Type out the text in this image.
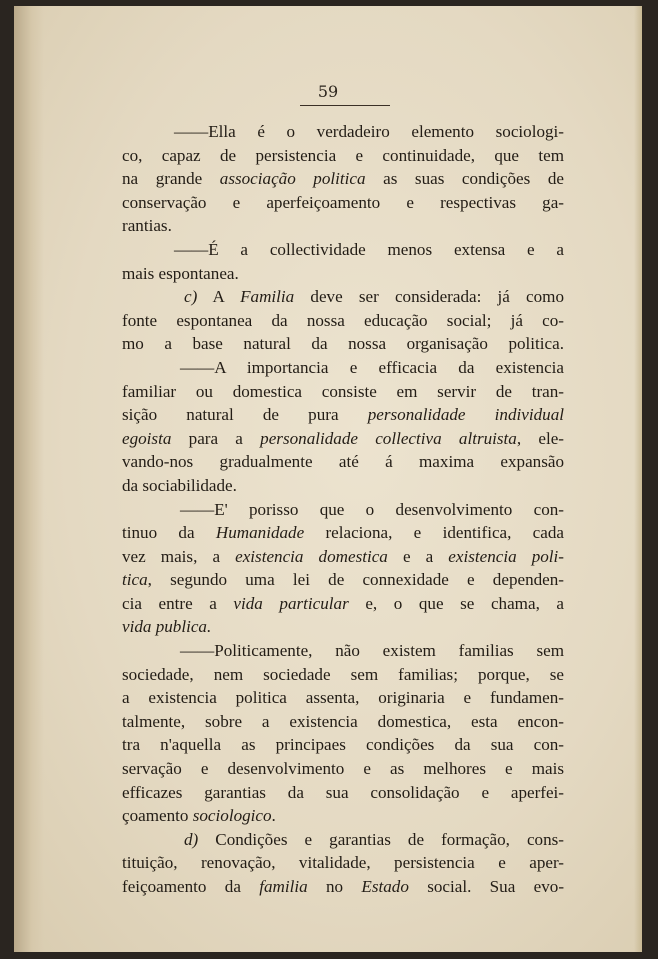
59
——Ella é o verdadeiro elemento sociologi-
co, capaz de persistencia e continuidade, que tem
na grande associação politica as suas condições de
conservação e aperfeiçoamento e respectivas ga-
rantias.
——É a collectividade menos extensa e a
mais espontanea.
c) A Familia deve ser considerada: já como
fonte espontanea da nossa educação social; já co-
mo a base natural da nossa organisação politica.
——A importancia e efficacia da existencia
familiar ou domestica consiste em servir de tran-
sição natural de pura personalidade individual
egoista para a personalidade collectiva altruista, ele-
vando-nos gradualmente até á maxima expansão
da sociabilidade.
——E' porisso que o desenvolvimento con-
tinuo da Humanidade relaciona, e identifica, cada
vez mais, a existencia domestica e a existencia poli-
tica, segundo uma lei de connexidade e dependen-
cia entre a vida particular e, o que se chama, a
vida publica.
——Politicamente, não existem familias sem
sociedade, nem sociedade sem familias; porque, se
a existencia politica assenta, originaria e fundamen-
talmente, sobre a existencia domestica, esta encon-
tra n'aquella as principaes condições da sua con-
servação e desenvolvimento e as melhores e mais
efficazes garantias da sua consolidação e aperfei-
çoamento sociologico.
d) Condições e garantias de formação, cons-
tituição, renovação, vitalidade, persistencia e aper-
feiçoamento da familia no Estado social. Sua evo-
